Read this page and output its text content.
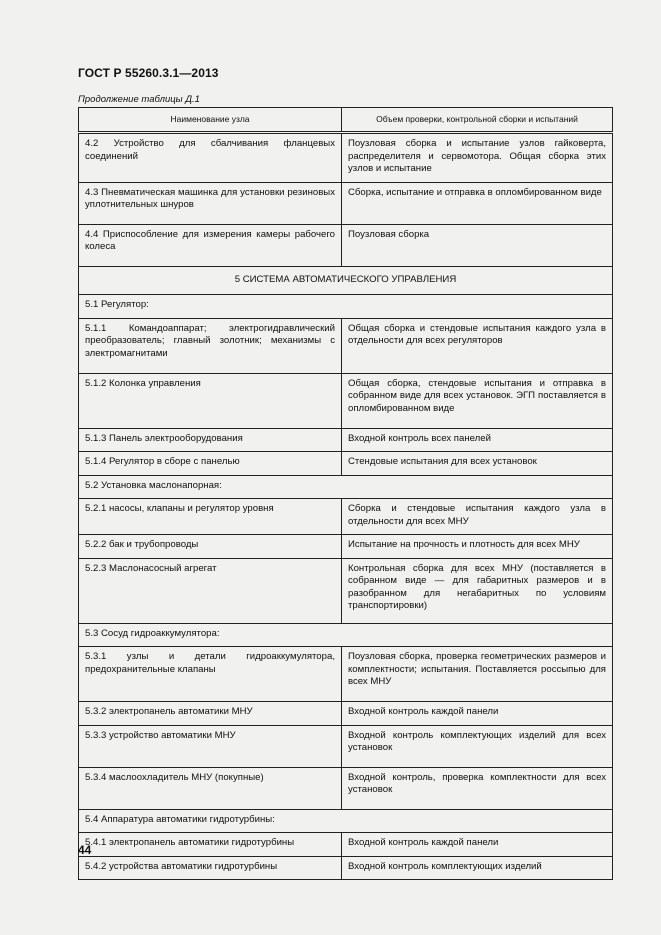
ГОСТ Р 55260.3.1—2013
Продолжение таблицы Д.1
Наименование узла	Объем проверки, контрольной сборки и испытаний
4.2 Устройство для сбалчивания фланцевых соединений	Поузловая сборка и испытание узлов гайковерта, распределителя и сервомотора. Общая сборка этих узлов и испытание
4.3 Пневматическая машинка для установки резиновых уплотнительных шнуров	Сборка, испытание и отправка в опломбированном виде
4.4 Приспособление для измерения камеры рабочего колеса	Поузловая сборка
5 СИСТЕМА АВТОМАТИЧЕСКОГО УПРАВЛЕНИЯ	
5.1 Регулятор:	
5.1.1 Командоаппарат; электрогидравлический преобразователь; главный золотник; механизмы с электромагнитами	Общая сборка и стендовые испытания каждого узла в отдельности для всех регуляторов
5.1.2 Колонка управления	Общая сборка, стендовые испытания и отправка в собранном виде для всех установок. ЭГП поставляется в опломбированном виде
5.1.3 Панель электрооборудования	Входной контроль всех панелей
5.1.4 Регулятор в сборе с панелью	Стендовые испытания для всех установок
5.2 Установка маслонапорная:	
5.2.1 насосы, клапаны и регулятор уровня	Сборка и стендовые испытания каждого узла в отдельности для всех МНУ
5.2.2 бак и трубопроводы	Испытание на прочность и плотность для всех МНУ
5.2.3 Маслонасосный агрегат	Контрольная сборка для всех МНУ (поставляется в собранном виде — для габаритных размеров и в разобранном для негабаритных по условиям транспортировки)
5.3 Сосуд гидроаккумулятора:	
5.3.1 узлы и детали гидроаккумулятора, предохранительные клапаны	Поузловая сборка, проверка геометрических размеров и комплектности; испытания. Поставляется россыпью для всех МНУ
5.3.2 электропанель автоматики МНУ	Входной контроль каждой панели
5.3.3 устройство автоматики МНУ	Входной контроль комплектующих изделий для всех установок
5.3.4 маслоохладитель МНУ (покупные)	Входной контроль, проверка комплектности для всех установок
5.4 Аппаратура автоматики гидротурбины:	
5.4.1 электропанель автоматики гидротурбины	Входной контроль каждой панели
5.4.2 устройства автоматики гидротурбины	Входной контроль комплектующих изделий
44
